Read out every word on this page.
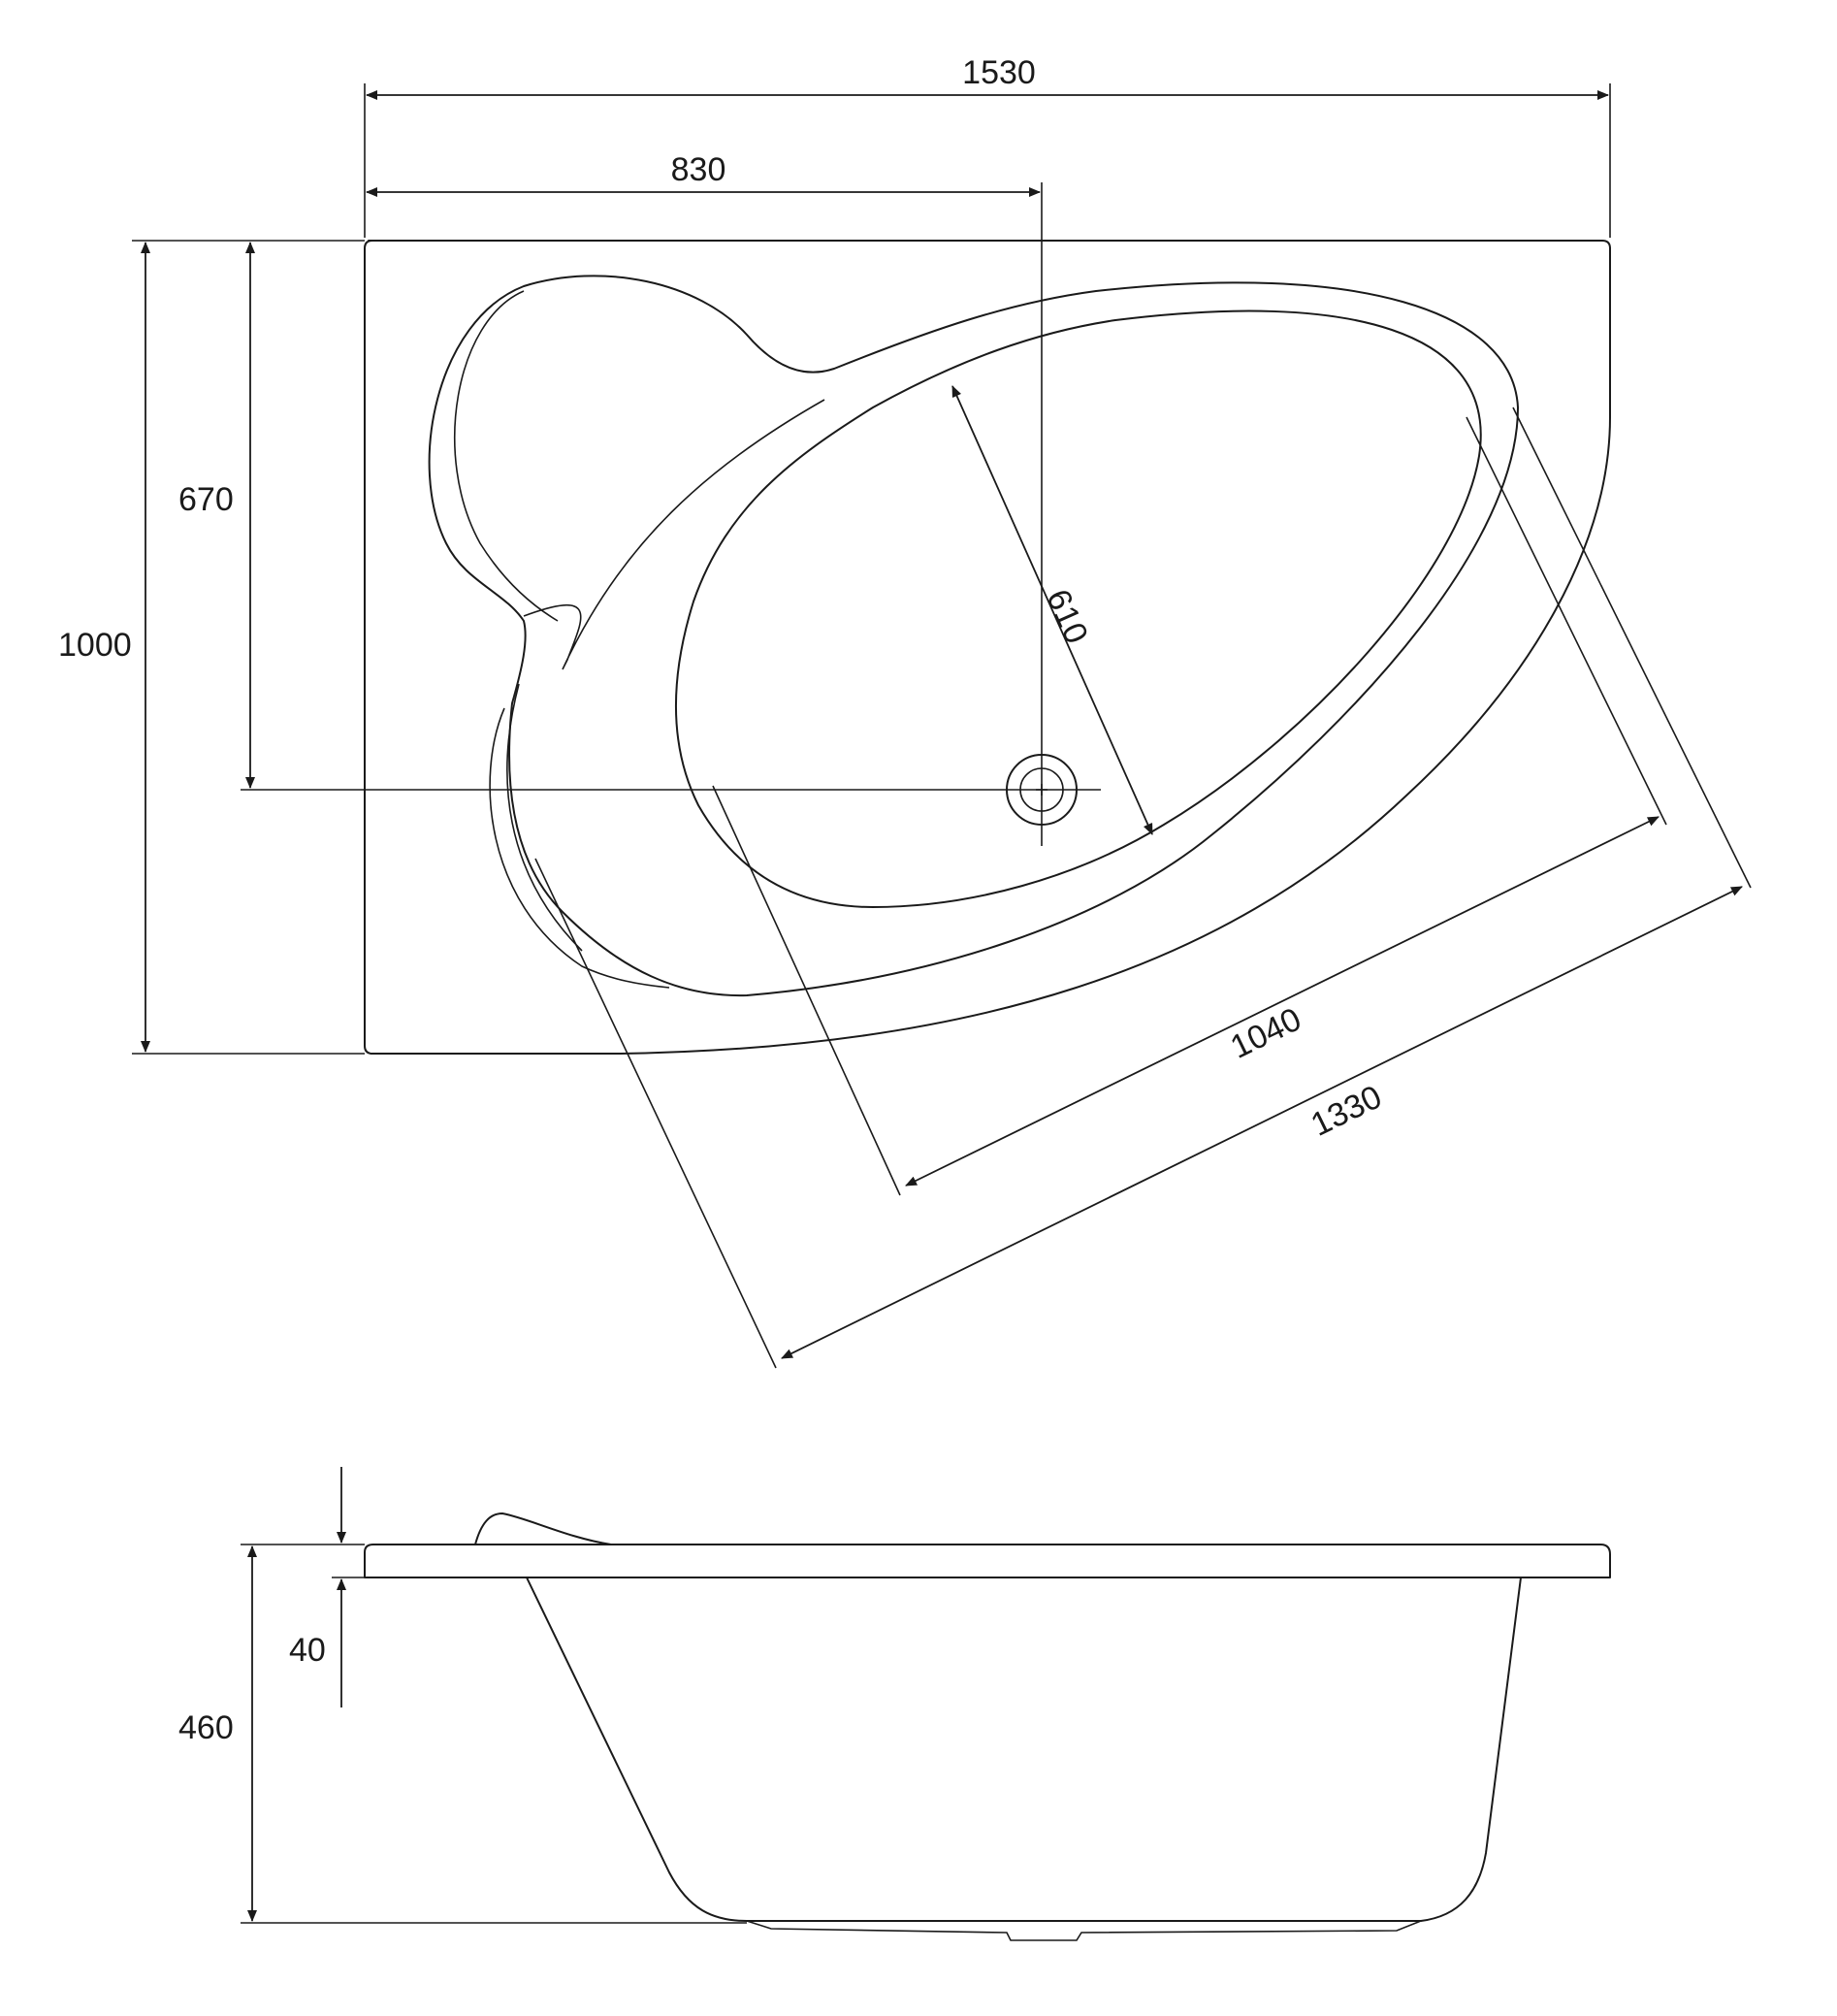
1530
830
1000
670
610
1040
1330
40
460
